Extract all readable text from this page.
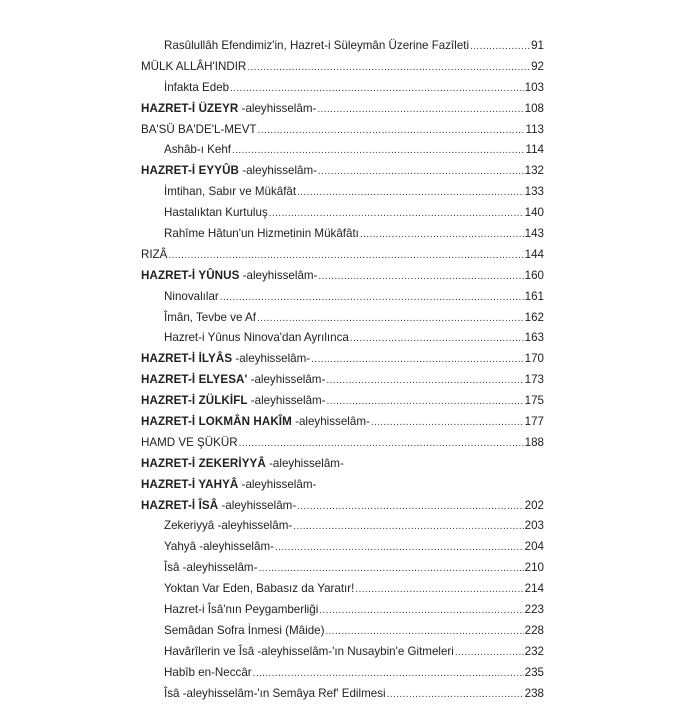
Rasûlullâh Efendimiz'in, Hazret-i Süleymân Üzerine Fazîleti .....	91
MÜLK ALLÂH'INDIR .....	92
İnfakta Edeb .....	103
HAZRET-İ ÜZEYR -aleyhisselâm- .....	108
BA'SÜ BA'DE'L-MEVT .....	113
Ashâb-ı Kehf .....	114
HAZRET-İ EYYÛB -aleyhisselâm- .....	132
İmtihan, Sabır ve Mükâfât .....	133
Hastalıktan Kurtuluş .....	140
Rahîme Hâtun'un Hizmetinin Mükâfâtı .....	143
RIZÂ .....	144
HAZRET-İ YÛNUS -aleyhisselâm- .....	160
Ninovalılar .....	161
Îmân, Tevbe ve Af .....	162
Hazret-i Yûnus Ninova'dan Ayrılınca .....	163
HAZRET-İ İLYÂS -aleyhisselâm- .....	170
HAZRET-İ ELYESA' -aleyhisselâm- .....	173
HAZRET-İ ZÜLKİFL -aleyhisselâm- .....	175
HAZRET-İ LOKMÂN HAKÎM -aleyhisselâm- .....	177
HAMD VE ŞÜKÜR .....	188
HAZRET-İ ZEKERİYYÂ -aleyhisselâm-
HAZRET-İ YAHYÂ -aleyhisselâm-
HAZRET-İ ÎSÂ -aleyhisselâm- .....	202
Zekeriyyâ -aleyhisselâm- .....	203
Yahyâ -aleyhisselâm- .....	204
Îsâ -aleyhisselâm- .....	210
Yoktan Var Eden, Babasız da Yaratır! .....	214
Hazret-i Îsâ'nın Peygamberliği .....	223
Semâdan Sofra İnmesi (Mâide) .....	228
Havârîlerin ve Îsâ -aleyhisselâm-'ın Nusaybin'e Gitmeleri .....	232
Habîb en-Neccâr .....	235
Îsâ -aleyhisselâm-'ın Semâya Ref' Edilmesi .....	238
